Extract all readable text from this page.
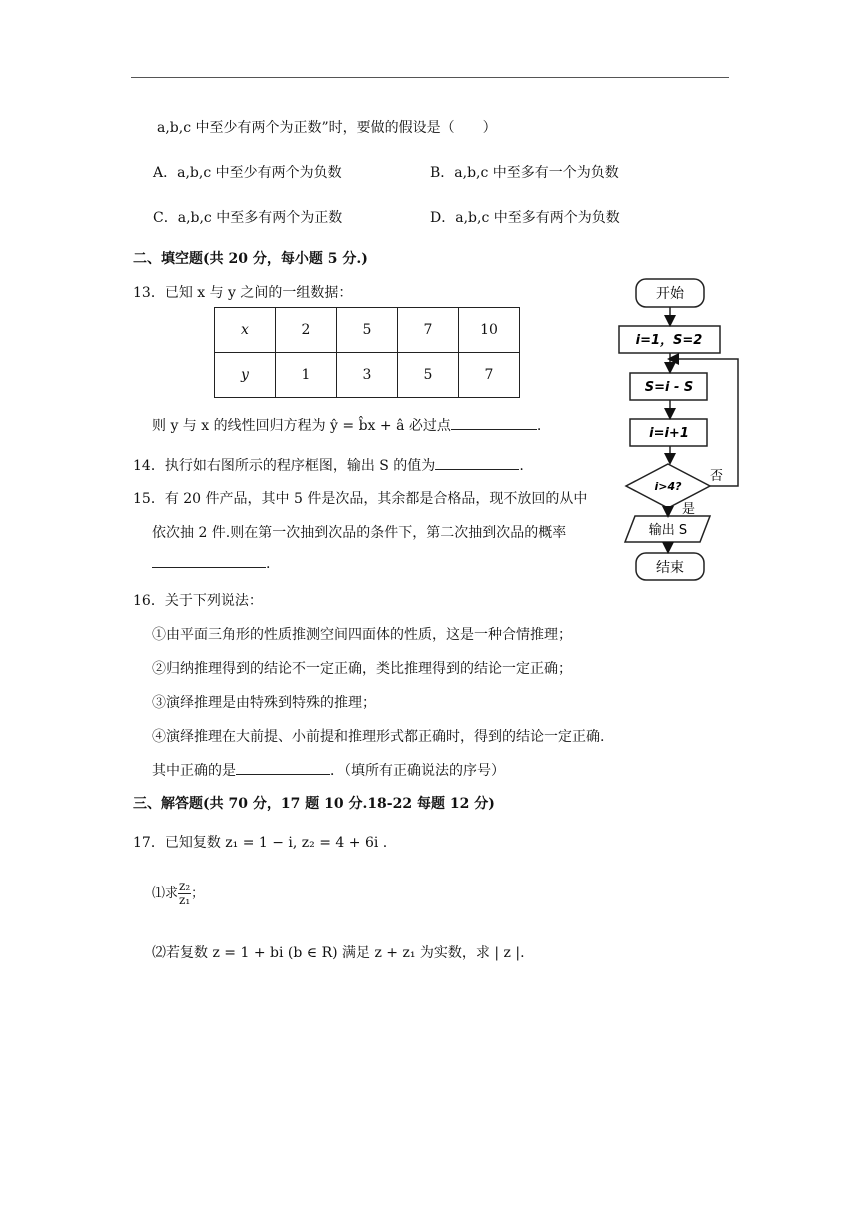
a,b,c 中至少有两个为正数”时，要做的假设是（　　）
A．a,b,c 中至少有两个为负数	B．a,b,c 中至多有一个为负数
C．a,b,c 中至多有两个为正数	D．a,b,c 中至多有两个为负数
二、填空题(共 20 分，每小题 5 分.)
13．已知 x 与 y 之间的一组数据：
x	2	5	7	10
y	1	3	5	7
则 y 与 x 的线性回归方程为 ŷ = b̂x + â 必过点	.
14．执行如右图所示的程序框图，输出 S 的值为	.
15．有 20 件产品，其中 5 件是次品，其余都是合格品，现不放回的从中
依次抽 2 件.则在第一次抽到次品的条件下，第二次抽到次品的概率
.
16．关于下列说法：
①由平面三角形的性质推测空间四面体的性质，这是一种合情推理；
②归纳推理得到的结论不一定正确，类比推理得到的结论一定正确；
③演绎推理是由特殊到特殊的推理；
④演绎推理在大前提、小前提和推理形式都正确时，得到的结论一定正确.
其中正确的是	．（填所有正确说法的序号）
三、解答题(共 70 分，17 题 10 分.18-22 每题 12 分)
17．已知复数 z₁ = 1 − i, z₂ = 4 + 6i .
⑴求 $\frac{\text{z₂}}{\text{z₁}}$ ；
⑵若复数 z = 1 + bi (b ∈ R) 满足 z + z₁ 为实数，求 | z |.
开始
i=1，S=2
S=i - S
i=i+1
i>4?
是
否
输出 S
结束
